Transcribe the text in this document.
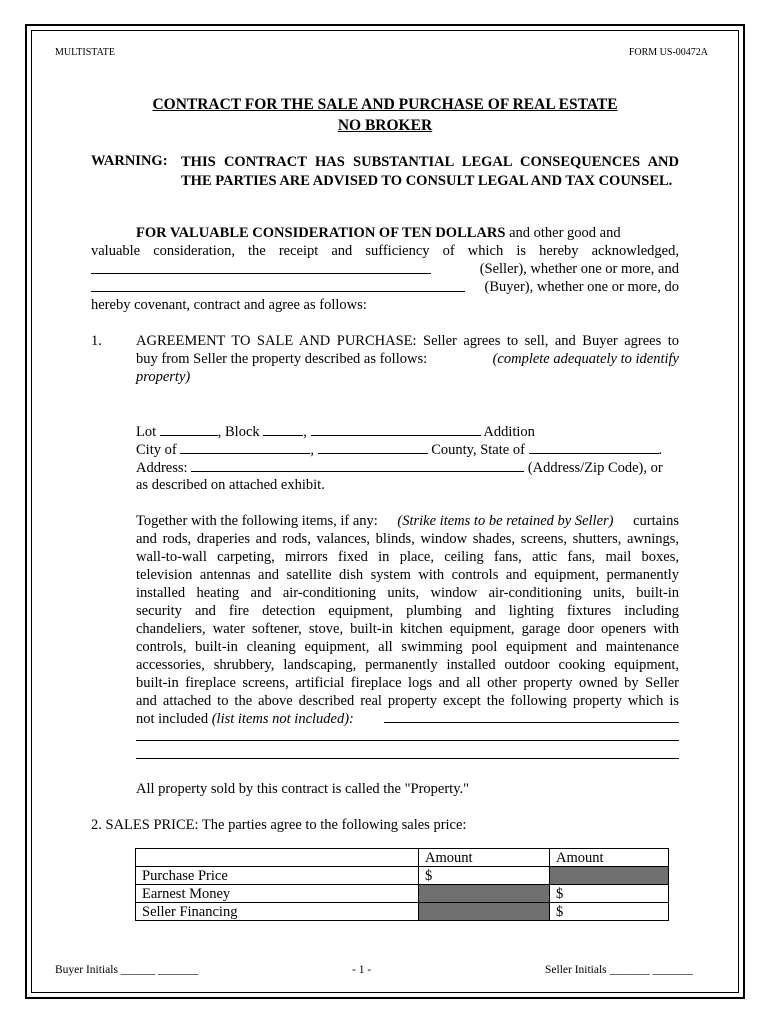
MULTISTATE	FORM US-00472A
CONTRACT FOR THE SALE AND PURCHASE OF REAL ESTATE
NO BROKER
WARNING: THIS CONTRACT HAS SUBSTANTIAL LEGAL CONSEQUENCES AND THE PARTIES ARE ADVISED TO CONSULT LEGAL AND TAX COUNSEL.
FOR VALUABLE CONSIDERATION OF TEN DOLLARS and other good and
valuable consideration, the receipt and sufficiency of which is hereby acknowledged,
(Seller), whether one or more, and
(Buyer), whether one or more, do
hereby covenant, contract and agree as follows:
1. AGREEMENT TO SALE AND PURCHASE: Seller agrees to sell, and Buyer agrees to
buy from Seller the property described as follows:	(complete adequately to identify
property)
Lot	, Block	,	Addition
City of	,	County, State of	.
Address:	(Address/Zip Code), or
as described on attached exhibit.
Together with the following items, if any: (Strike items to be retained by Seller) curtains
and rods, draperies and rods, valances, blinds, window shades, screens, shutters, awnings,
wall-to-wall carpeting, mirrors fixed in place, ceiling fans, attic fans, mail boxes,
television antennas and satellite dish system with controls and equipment, permanently
installed heating and air-conditioning units, window air-conditioning units, built-in
security and fire detection equipment, plumbing and lighting fixtures including
chandeliers, water softener, stove, built-in kitchen equipment, garage door openers with
controls, built-in cleaning equipment, all swimming pool equipment and maintenance
accessories, shrubbery, landscaping, permanently installed outdoor cooking equipment,
built-in fireplace screens, artificial fireplace logs and all other property owned by Seller
and attached to the above described real property except the following property which is
not included (list items not included):
All property sold by this contract is called the "Property."
2. SALES PRICE: The parties agree to the following sales price:
	Amount	Amount
Purchase Price	$	
Earnest Money		$
Seller Financing		$
Buyer Initials ______ _______	- 1 -	Seller Initials _______ _______
